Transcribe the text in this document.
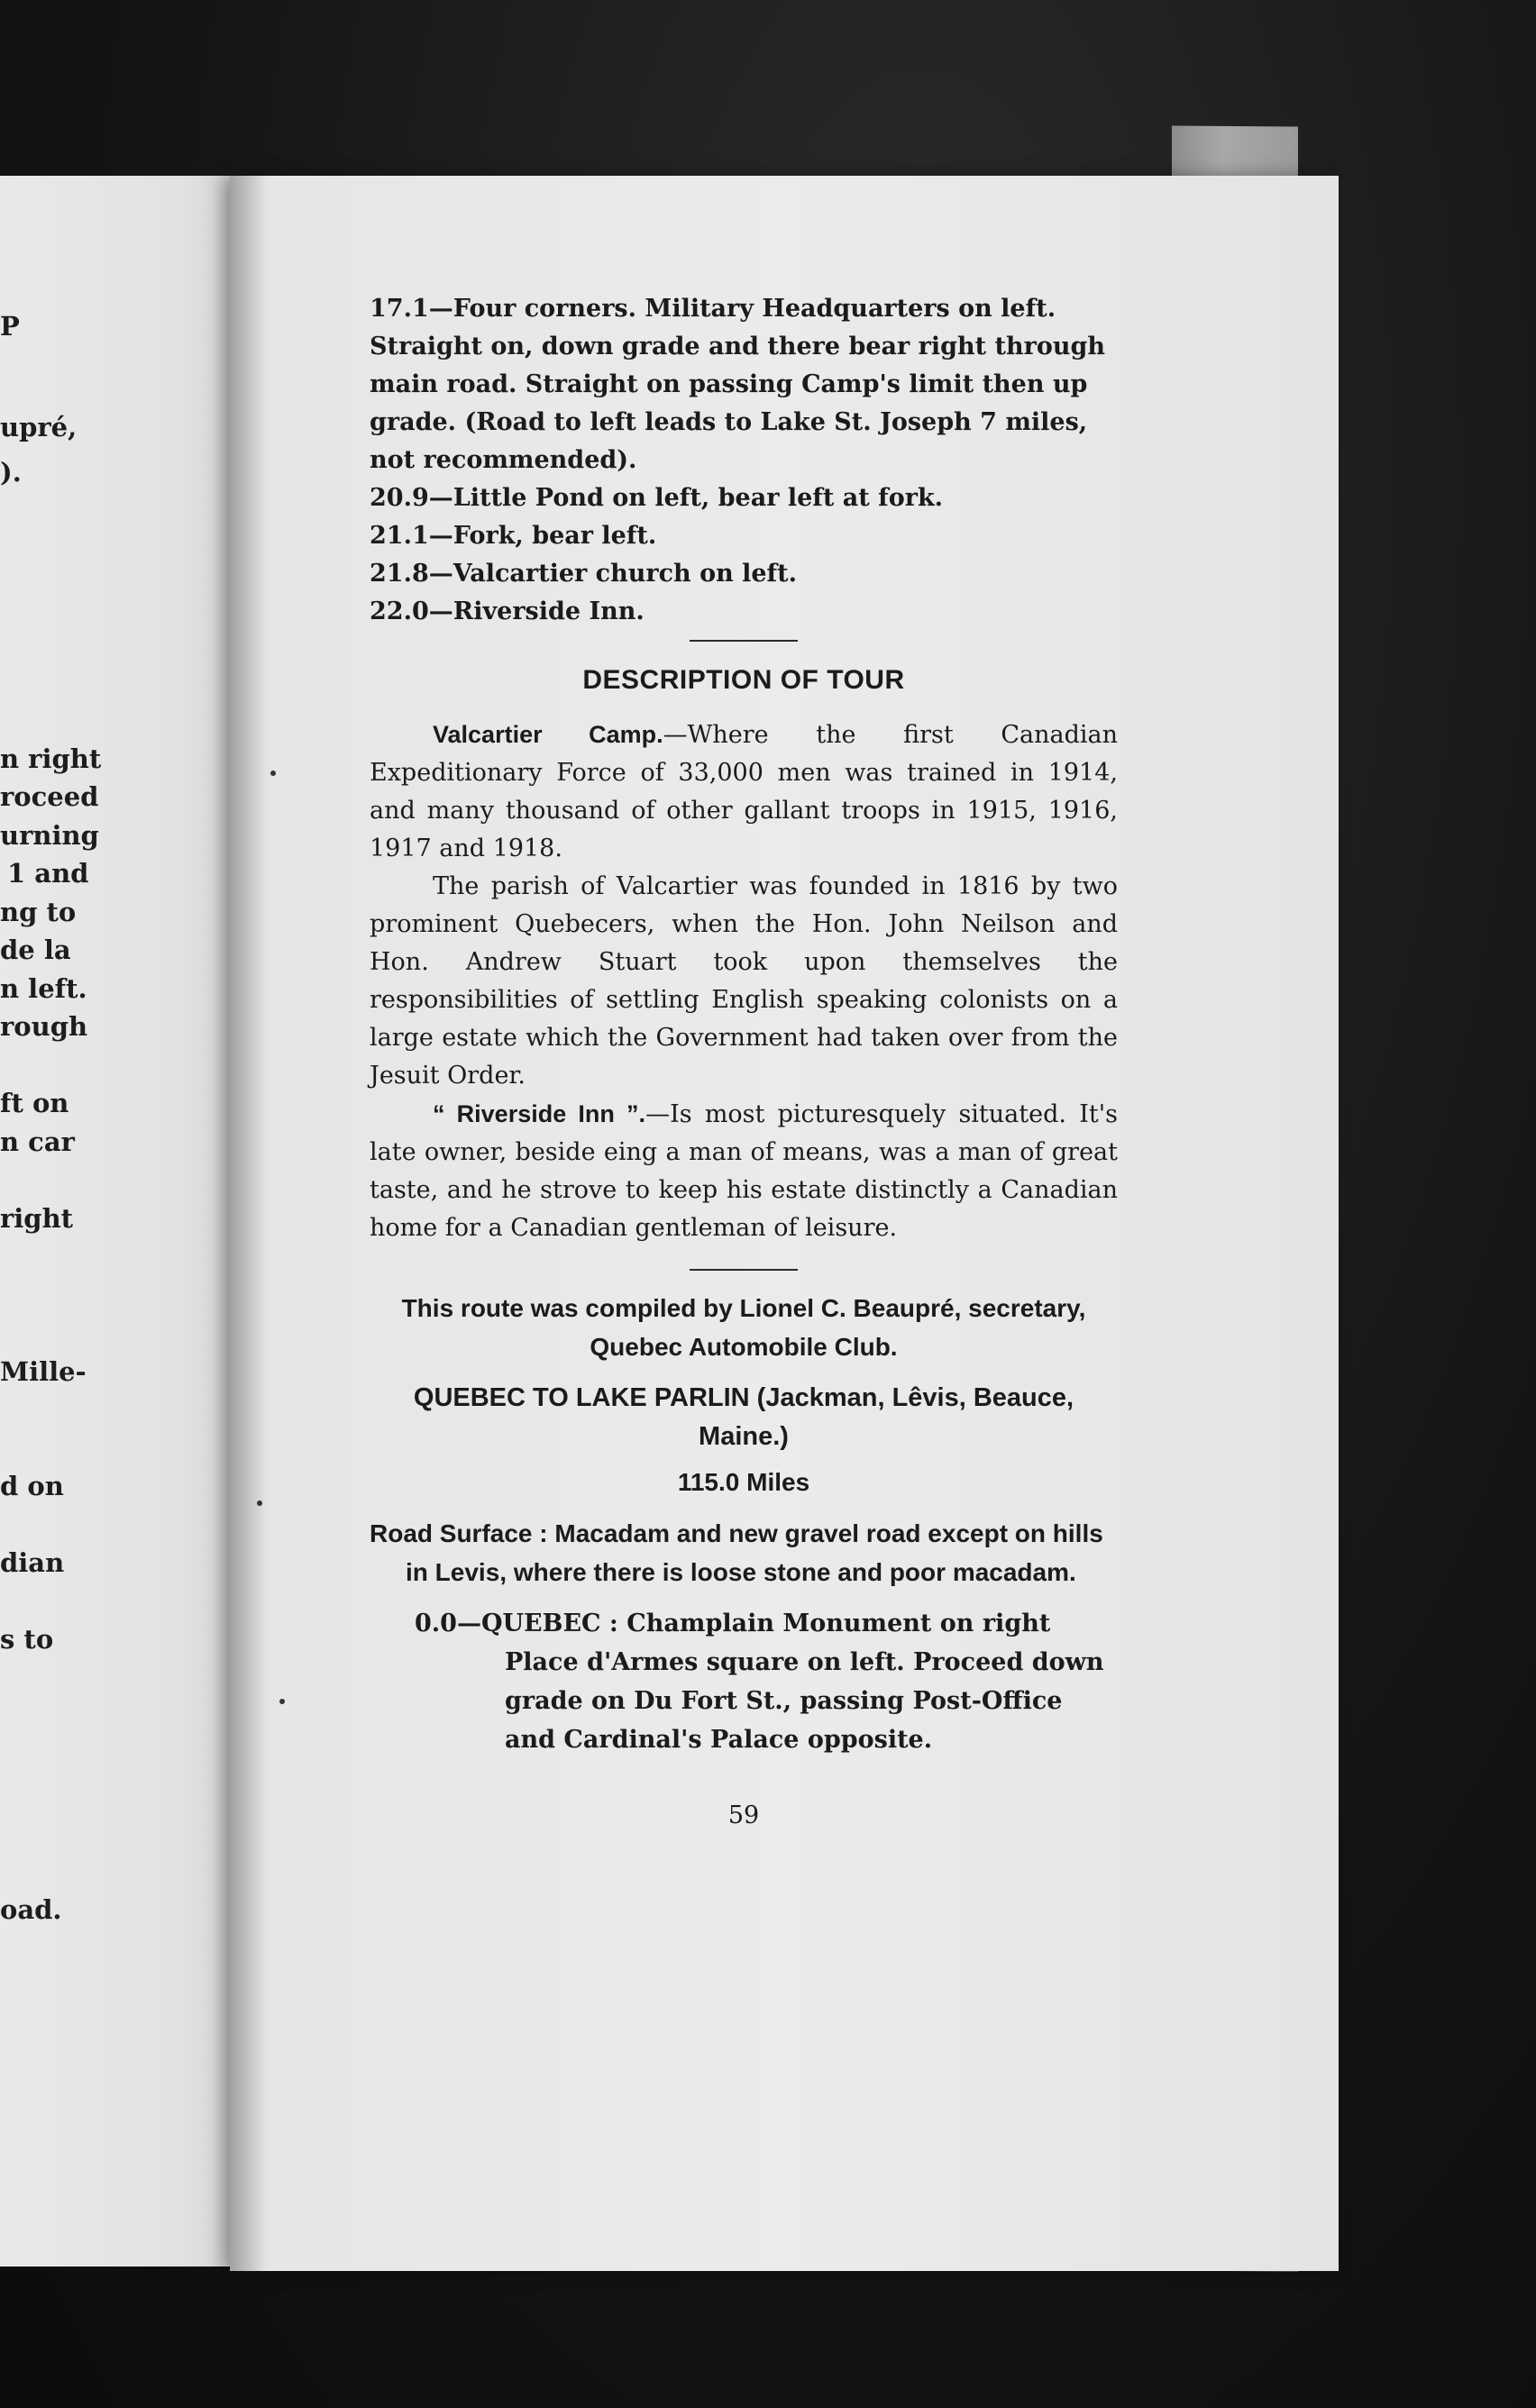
P
upré,
).
n right
roceed
urning
1 and
ng to
de la
n left.
rough
ft on
n car
right
Mille-
d on
dian
s to
oad.

17.1—Four corners. Military Headquarters on left. Straight on, down grade and there bear right through main road. Straight on passing Camp's limit then up grade. (Road to left leads to Lake St. Joseph 7 miles, not recommended).

20.9—Little Pond on left, bear left at fork.

21.1—Fork, bear left.

21.8—Valcartier church on left.

22.0—Riverside Inn.

DESCRIPTION OF TOUR

Valcartier Camp.—Where the first Canadian Expeditionary Force of 33,000 men was trained in 1914, and many thousand of other gallant troops in 1915, 1916, 1917 and 1918.

The parish of Valcartier was founded in 1816 by two prominent Quebecers, when the Hon. John Neilson and Hon. Andrew Stuart took upon themselves the responsibilities of settling English speaking colonists on a large estate which the Government had taken over from the Jesuit Order.

“ Riverside Inn ”.—Is most picturesquely situated. It's late owner, beside eing a man of means, was a man of great taste, and he strove to keep his estate distinctly a Canadian home for a Canadian gentleman of leisure.

This route was compiled by Lionel C. Beaupré, secretary, Quebec Automobile Club.
QUEBEC TO LAKE PARLIN (Jackman, Lêvis, Beauce, Maine.)
115.0 Miles
Road Surface : Macadam and new gravel road except on hills in Levis, where there is loose stone and poor macadam.

0.0—QUEBEC : Champlain Monument on right Place d'Armes square on left. Proceed down grade on Du Fort St., passing Post-Office and Cardinal's Palace opposite.

59
